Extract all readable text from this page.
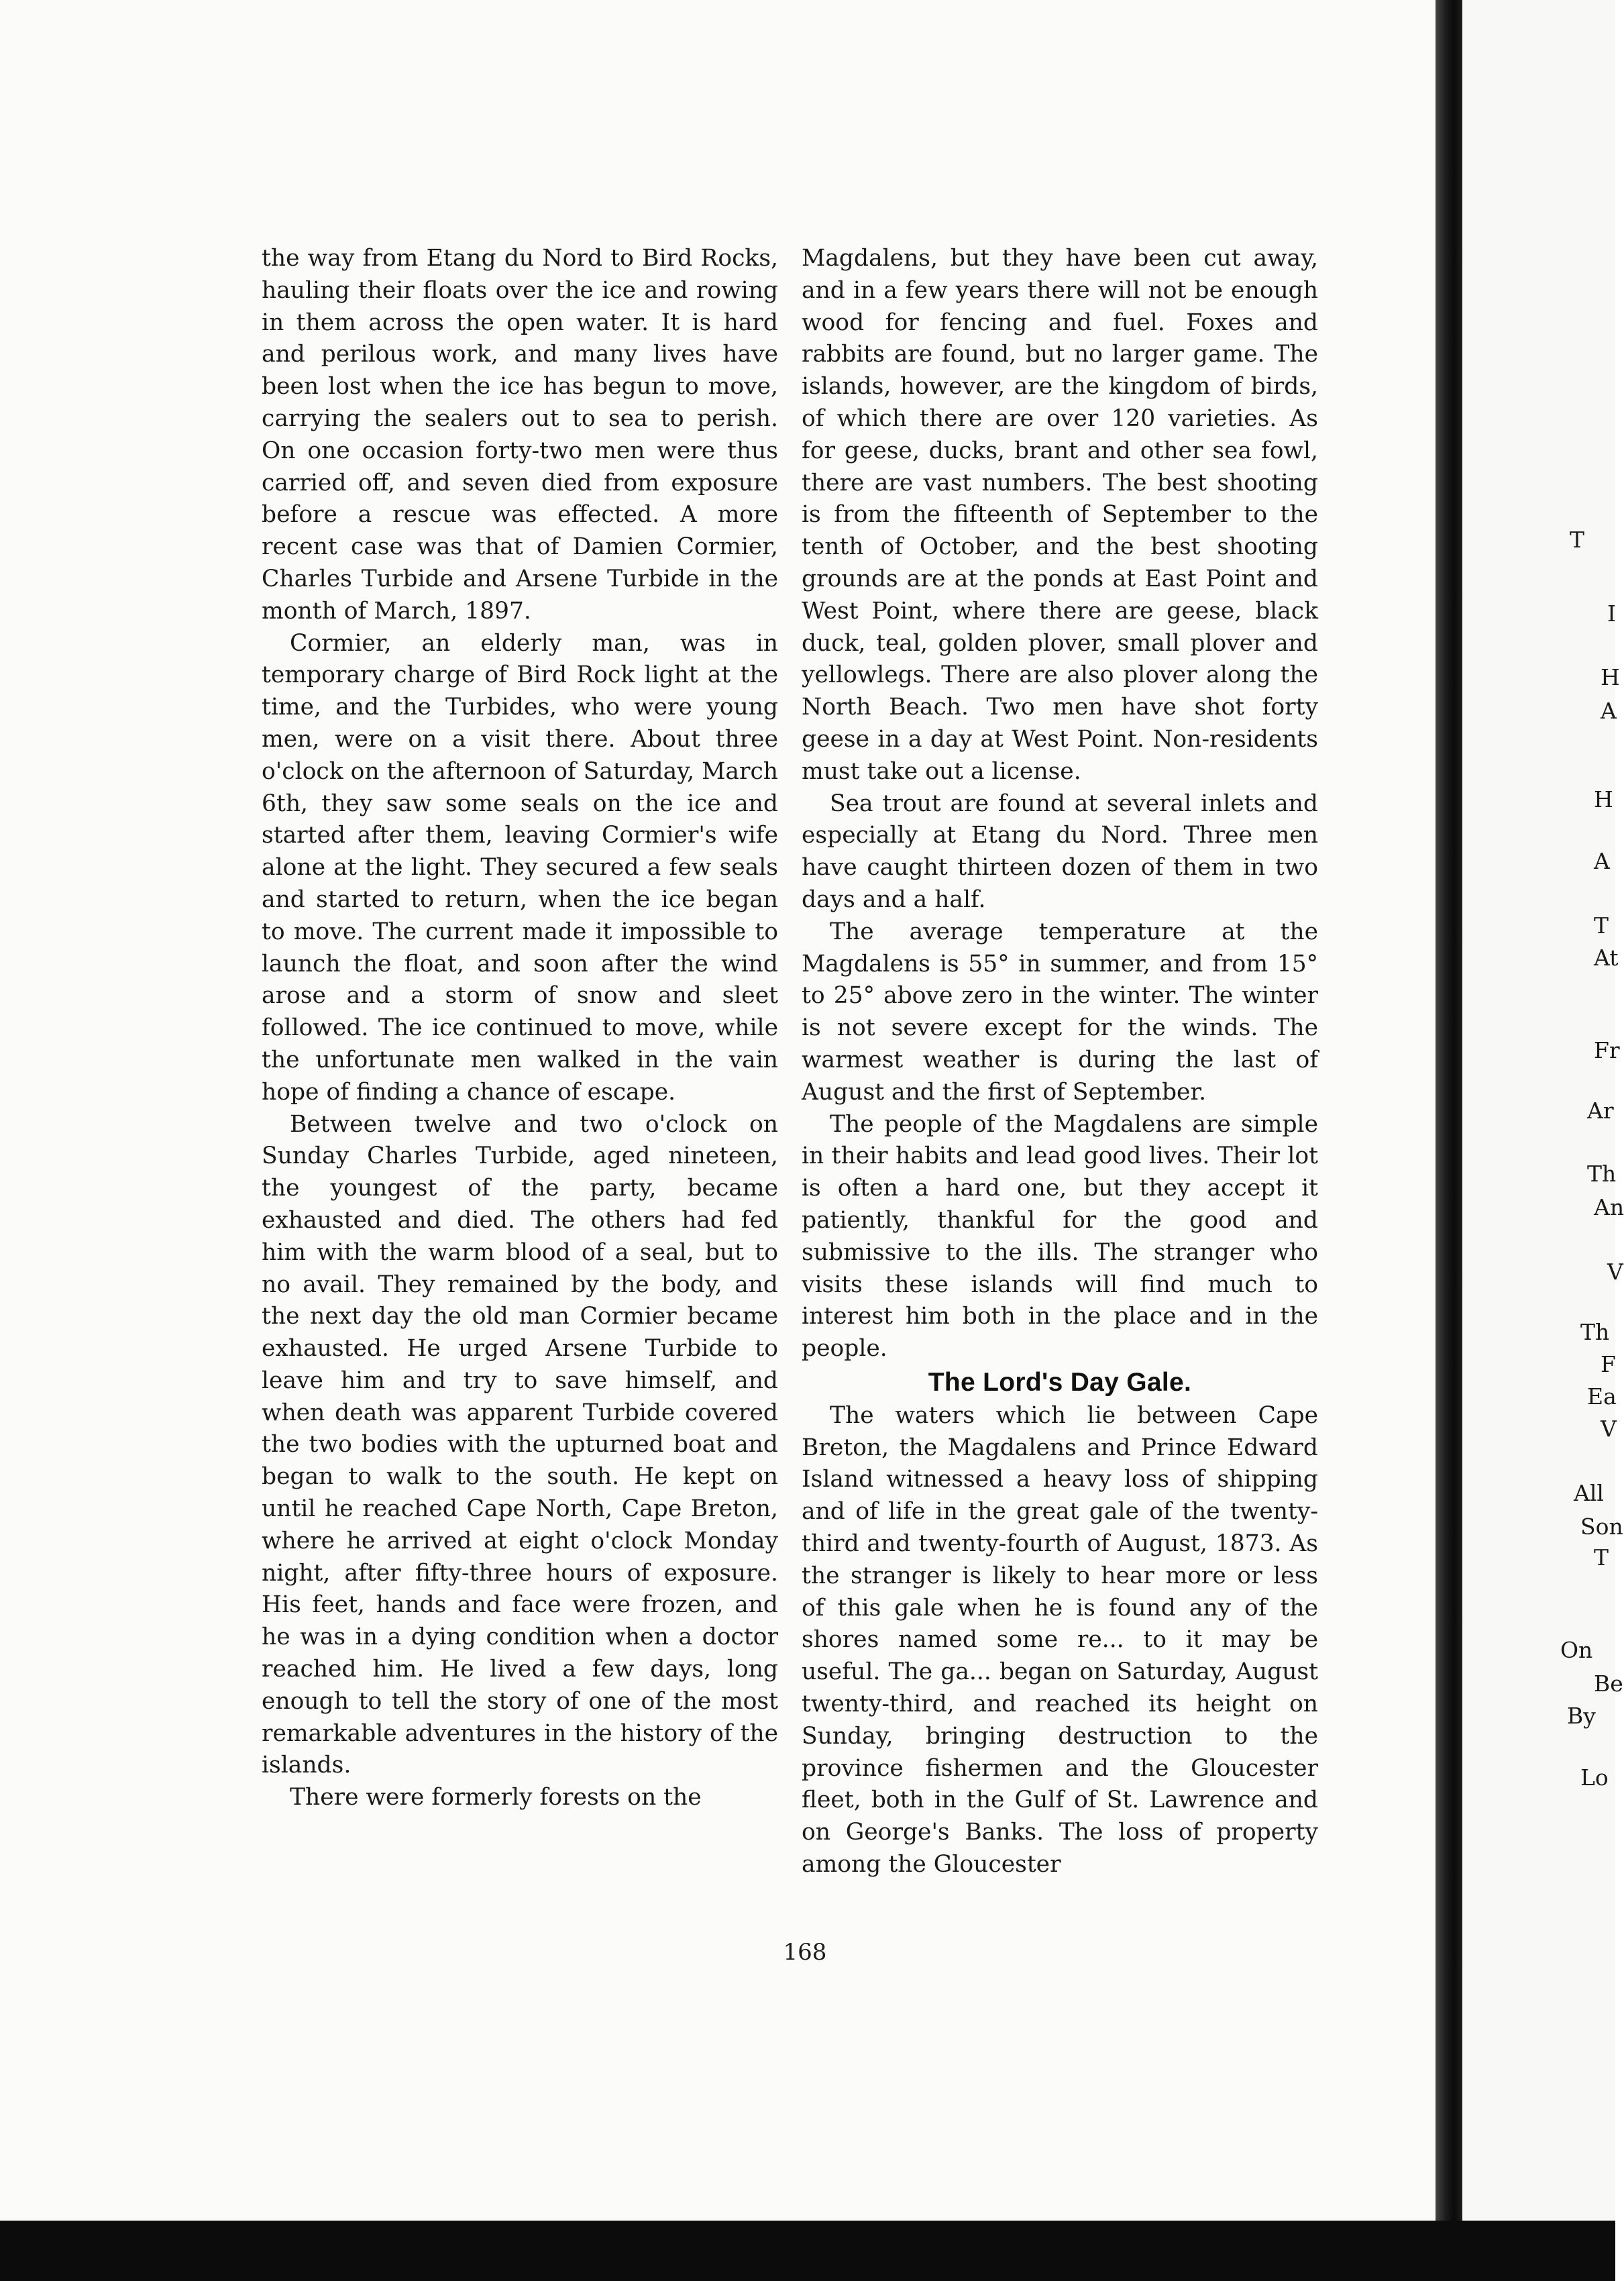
the way from Etang du Nord to Bird Rocks, hauling their floats over the ice and rowing in them across the open water. It is hard and perilous work, and many lives have been lost when the ice has begun to move, carrying the sealers out to sea to perish. On one occasion forty-two men were thus carried off, and seven died from exposure before a rescue was effected. A more recent case was that of Damien Cormier, Charles Turbide and Arsene Turbide in the month of March, 1897.

Cormier, an elderly man, was in temporary charge of Bird Rock light at the time, and the Turbides, who were young men, were on a visit there. About three o'clock on the afternoon of Saturday, March 6th, they saw some seals on the ice and started after them, leaving Cormier's wife alone at the light. They secured a few seals and started to return, when the ice began to move. The current made it impossible to launch the float, and soon after the wind arose and a storm of snow and sleet followed. The ice continued to move, while the unfortunate men walked in the vain hope of finding a chance of escape.

Between twelve and two o'clock on Sunday Charles Turbide, aged nineteen, the youngest of the party, became exhausted and died. The others had fed him with the warm blood of a seal, but to no avail. They remained by the body, and the next day the old man Cormier became exhausted. He urged Arsene Turbide to leave him and try to save himself, and when death was apparent Turbide covered the two bodies with the upturned boat and began to walk to the south. He kept on until he reached Cape North, Cape Breton, where he arrived at eight o'clock Monday night, after fifty-three hours of exposure. His feet, hands and face were frozen, and he was in a dying condition when a doctor reached him. He lived a few days, long enough to tell the story of one of the most remarkable adventures in the history of the islands.

There were formerly forests on the

Magdalens, but they have been cut away, and in a few years there will not be enough wood for fencing and fuel. Foxes and rabbits are found, but no larger game. The islands, however, are the kingdom of birds, of which there are over 120 varieties. As for geese, ducks, brant and other sea fowl, there are vast numbers. The best shooting is from the fifteenth of September to the tenth of October, and the best shooting grounds are at the ponds at East Point and West Point, where there are geese, black duck, teal, golden plover, small plover and yellowlegs. There are also plover along the North Beach. Two men have shot forty geese in a day at West Point. Non-residents must take out a license.

Sea trout are found at several inlets and especially at Etang du Nord. Three men have caught thirteen dozen of them in two days and a half.

The average temperature at the Magdalens is 55° in summer, and from 15° to 25° above zero in the winter. The winter is not severe except for the winds. The warmest weather is during the last of August and the first of September.

The people of the Magdalens are simple in their habits and lead good lives. Their lot is often a hard one, but they accept it patiently, thankful for the good and submissive to the ills. The stranger who visits these islands will find much to interest him both in the place and in the people.

The Lord's Day Gale.

The waters which lie between Cape Breton, the Magdalens and Prince Edward Island witnessed a heavy loss of shipping and of life in the great gale of the twenty-third and twenty-fourth of August, 1873. As the stranger is likely to hear more or less of this gale when he is found any of the shores named some re... to it may be useful. The ga... began on Saturday, August twenty-third, and reached its height on Sunday, bringing destruction to the province fishermen and the Gloucester fleet, both in the Gulf of St. Lawrence and on George's Banks. The loss of property among the Gloucester

168
T
I
H
A
H
A
T
At
Fr
Ar
Th
An
V
Th
F
Ea
V
All
Son
T
On
Be
By
Lo
